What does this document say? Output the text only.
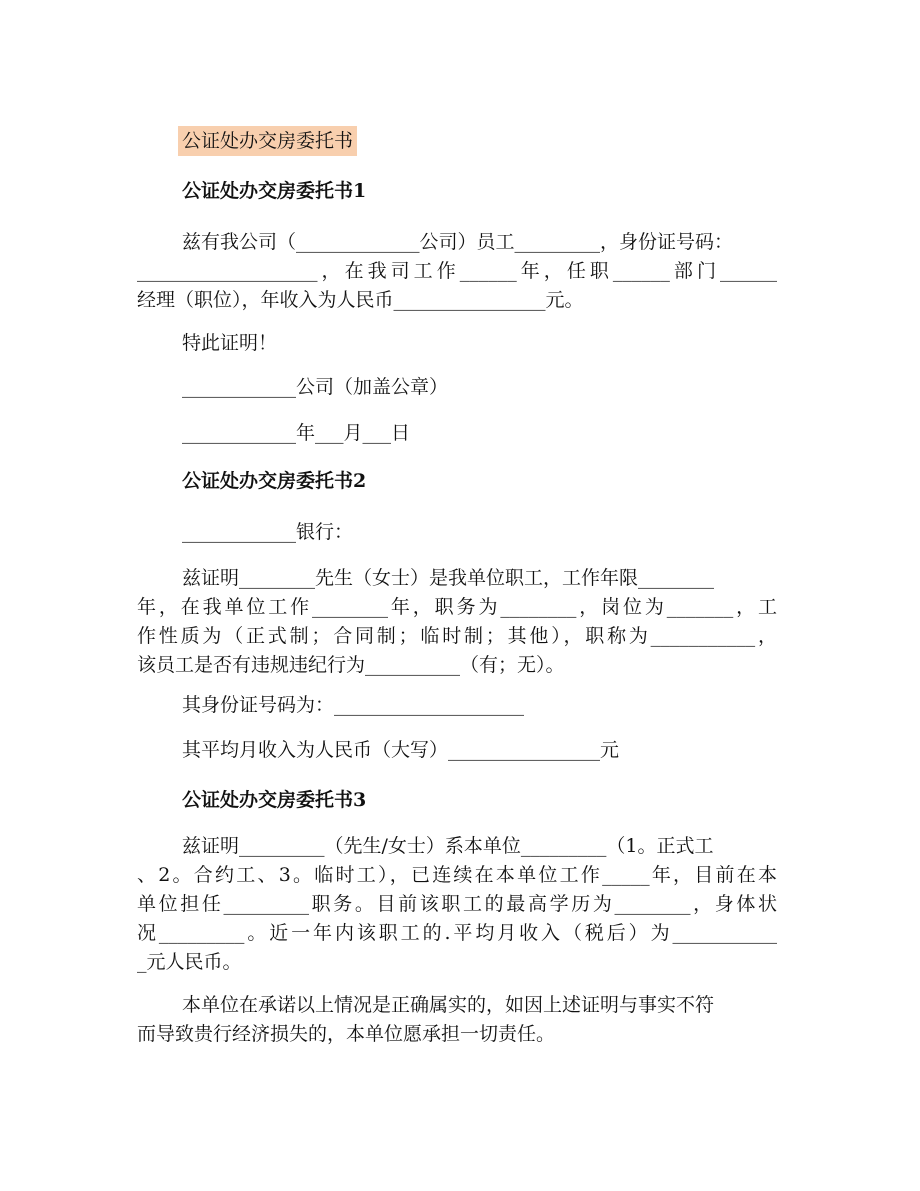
公证处办交房委托书
公证处办交房委托书1
兹有我公司（_____________公司）员工_________，身份证号码：
___________________，在我司工作______年，任职______部门______
经理（职位），年收入为人民币________________元。
特此证明！
____________公司（加盖公章）
____________年___月___日
公证处办交房委托书2
____________银行：
兹证明________先生（女士）是我单位职工，工作年限________
年，在我单位工作________年，职务为________，岗位为_______，工
作性质为（正式制；合同制；临时制；其他），职称为___________，
该员工是否有违规违纪行为__________（有；无）。
其身份证号码为：____________________
其平均月收入为人民币（大写）________________元
公证处办交房委托书3
兹证明_________（先生/女士）系本单位_________（1。正式工
、2。合约工、3。临时工），已连续在本单位工作_____年，目前在本
单位担任_________职务。目前该职工的最高学历为________，身体状
况_________。近一年内该职工的.平均月收入（税后）为___________
_元人民币。
本单位在承诺以上情况是正确属实的，如因上述证明与事实不符
而导致贵行经济损失的，本单位愿承担一切责任。
